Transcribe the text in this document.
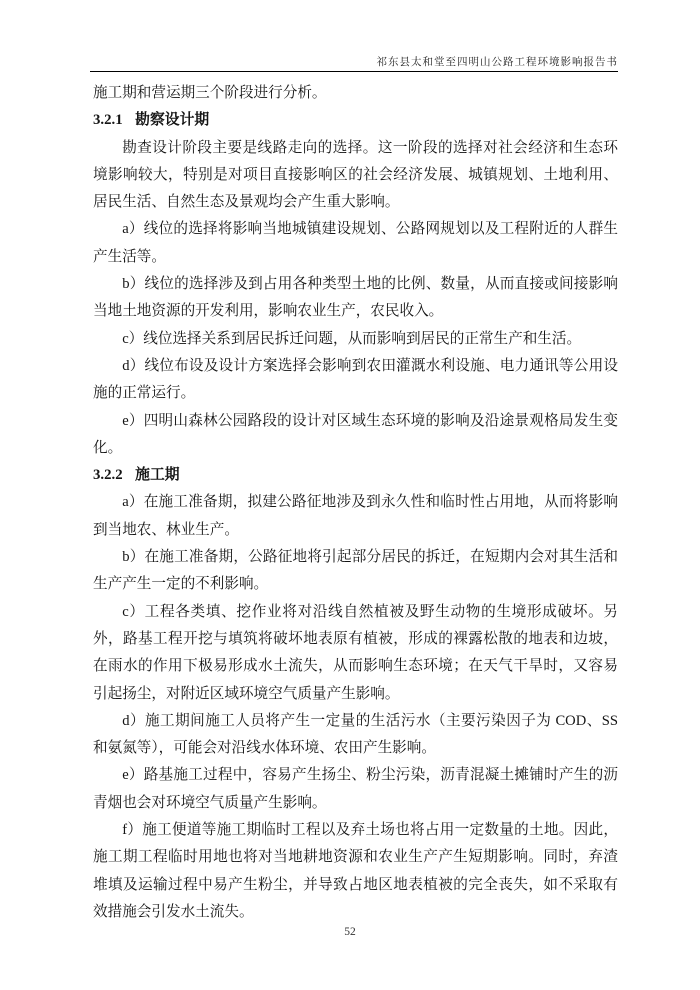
祁东县太和堂至四明山公路工程环境影响报告书

施工期和营运期三个阶段进行分析。

3.2.1 勘察设计期

勘查设计阶段主要是线路走向的选择。这一阶段的选择对社会经济和生态环境影响较大，特别是对项目直接影响区的社会经济发展、城镇规划、土地利用、居民生活、自然生态及景观均会产生重大影响。

a）线位的选择将影响当地城镇建设规划、公路网规划以及工程附近的人群生产生活等。

b）线位的选择涉及到占用各种类型土地的比例、数量，从而直接或间接影响当地土地资源的开发利用，影响农业生产，农民收入。

c）线位选择关系到居民拆迁问题，从而影响到居民的正常生产和生活。

d）线位布设及设计方案选择会影响到农田灌溉水利设施、电力通讯等公用设施的正常运行。

e）四明山森林公园路段的设计对区域生态环境的影响及沿途景观格局发生变化。

3.2.2 施工期

a）在施工准备期，拟建公路征地涉及到永久性和临时性占用地，从而将影响到当地农、林业生产。

b）在施工准备期，公路征地将引起部分居民的拆迁，在短期内会对其生活和生产产生一定的不利影响。

c）工程各类填、挖作业将对沿线自然植被及野生动物的生境形成破坏。另外，路基工程开挖与填筑将破坏地表原有植被，形成的裸露松散的地表和边坡，在雨水的作用下极易形成水土流失，从而影响生态环境；在天气干旱时，又容易引起扬尘，对附近区域环境空气质量产生影响。

d）施工期间施工人员将产生一定量的生活污水（主要污染因子为 COD、SS 和氨氮等），可能会对沿线水体环境、农田产生影响。

e）路基施工过程中，容易产生扬尘、粉尘污染，沥青混凝土摊铺时产生的沥青烟也会对环境空气质量产生影响。

f）施工便道等施工期临时工程以及弃土场也将占用一定数量的土地。因此，施工期工程临时用地也将对当地耕地资源和农业生产产生短期影响。同时，弃渣堆填及运输过程中易产生粉尘，并导致占地区地表植被的完全丧失，如不采取有效措施会引发水土流失。

52
